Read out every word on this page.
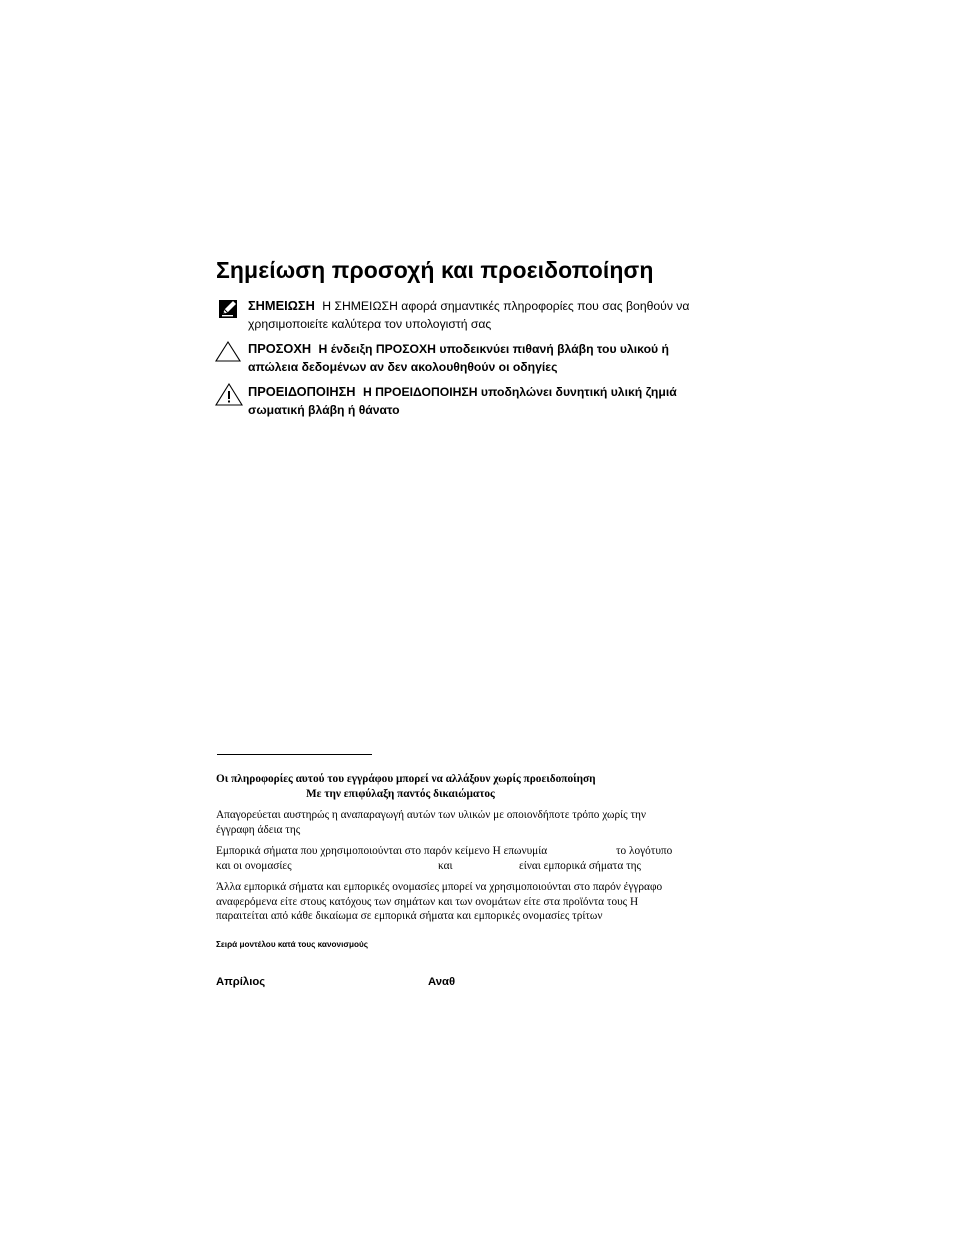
Σημείωση προσοχή και προειδοποίηση
ΣΗΜΕΙΩΣΗ Η ΣΗΜΕΙΩΣΗ αφορά σημαντικές πληροφορίες που σας βοηθούν να
χρησιμοποιείτε καλύτερα τον υπολογιστή σας
ΠΡΟΣΟΧΗ Η ένδειξη ΠΡΟΣΟΧΗ υποδεικνύει πιθανή βλάβη του υλικού ή
απώλεια δεδομένων αν δεν ακολουθηθούν οι οδηγίες
ΠΡΟΕΙΔΟΠΟΙΗΣΗ Η ΠΡΟΕΙΔΟΠΟΙΗΣΗ υποδηλώνει δυνητική υλική ζημιά
σωματική βλάβη ή θάνατο
Οι πληροφορίες αυτού του εγγράφου μπορεί να αλλάξουν χωρίς προειδοποίηση
Με την επιφύλαξη παντός δικαιώματος
Απαγορεύεται αυστηρώς η αναπαραγωγή αυτών των υλικών με οποιονδήποτε τρόπο χωρίς την
έγγραφη άδεια της
Εμπορικά σήματα που χρησιμοποιούνται στο παρόν κείμενο Η επωνυμία	το λογότυπο
και οι ονομασίες	και	είναι εμπορικά σήματα της
Άλλα εμπορικά σήματα και εμπορικές ονομασίες μπορεί να χρησιμοποιούνται στο παρόν έγγραφο
αναφερόμενα είτε στους κατόχους των σημάτων και των ονομάτων είτε στα προϊόντα τους Η
παραιτείται από κάθε δικαίωμα σε εμπορικά σήματα και εμπορικές ονομασίες τρίτων
Σειρά μοντέλου κατά τους κανονισμούς
Απρίλιος	Αναθ
